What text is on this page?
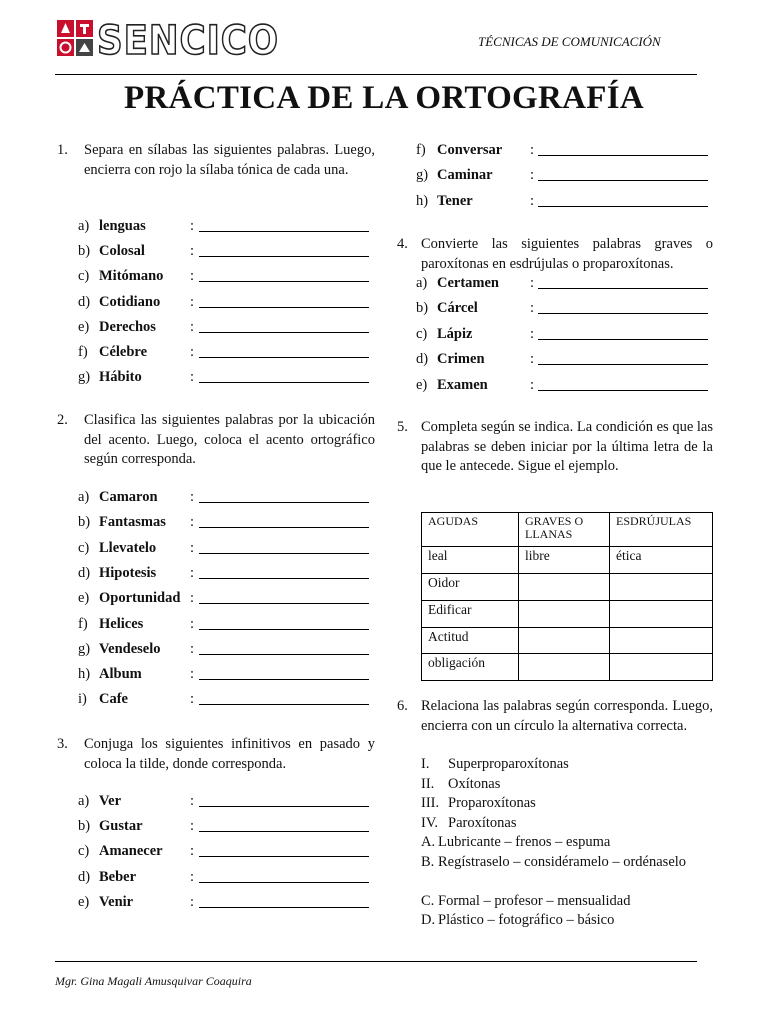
SENCICO	TÉCNICAS DE COMUNICACIÓN
PRÁCTICA DE LA ORTOGRAFÍA
1. Separa en sílabas las siguientes palabras. Luego, encierra con rojo la sílaba tónica de cada una.
a) lenguas	:
b) Colosal	:
c) Mitómano :
d) Cotidiano :
e) Derechos :
f) Célebre	:
g) Hábito	:
2. Clasifica las siguientes palabras por la ubicación del acento. Luego, coloca el acento ortográfico según corresponda.
a) Camaron :
b) Fantasmas :
c) Llevatelo :
d) Hipotesis :
e) Oportunidad :
f) Helices	:
g) Vendeselo :
h) Album	:
i) Cafe	:
3. Conjuga los siguientes infinitivos en pasado y coloca la tilde, donde corresponda.
a) Ver	:
b) Gustar	:
c) Amanecer :
d) Beber	:
e) Venir	:
f) Conversar :
g) Caminar	:
h) Tener	:
4. Convierte las siguientes palabras graves o paroxítonas en esdrújulas o proparoxítonas.
a) Certamen :
b) Cárcel	:
c) Lápiz	:
d) Crimen	:
e) Examen	:
5. Completa según se indica. La condición es que las palabras se deben iniciar por la última letra de la que le antecede. Sigue el ejemplo.
AGUDAS	GRAVES O LLANAS	ESDRÚJULAS
leal	libre	ética
Oidor		
Edificar		
Actitud		
obligación		
6. Relaciona las palabras según corresponda. Luego, encierra con un círculo la alternativa correcta.
I. Superproparoxítonas
II. Oxítonas
III. Proparoxítonas
IV. Paroxítonas
A. Lubricante – frenos – espuma
B. Regístraselo – considéramelo – ordénaselo
C. Formal – profesor – mensualidad
D. Plástico – fotográfico – básico
Mgr. Gina Magali Amusquivar Coaquira
